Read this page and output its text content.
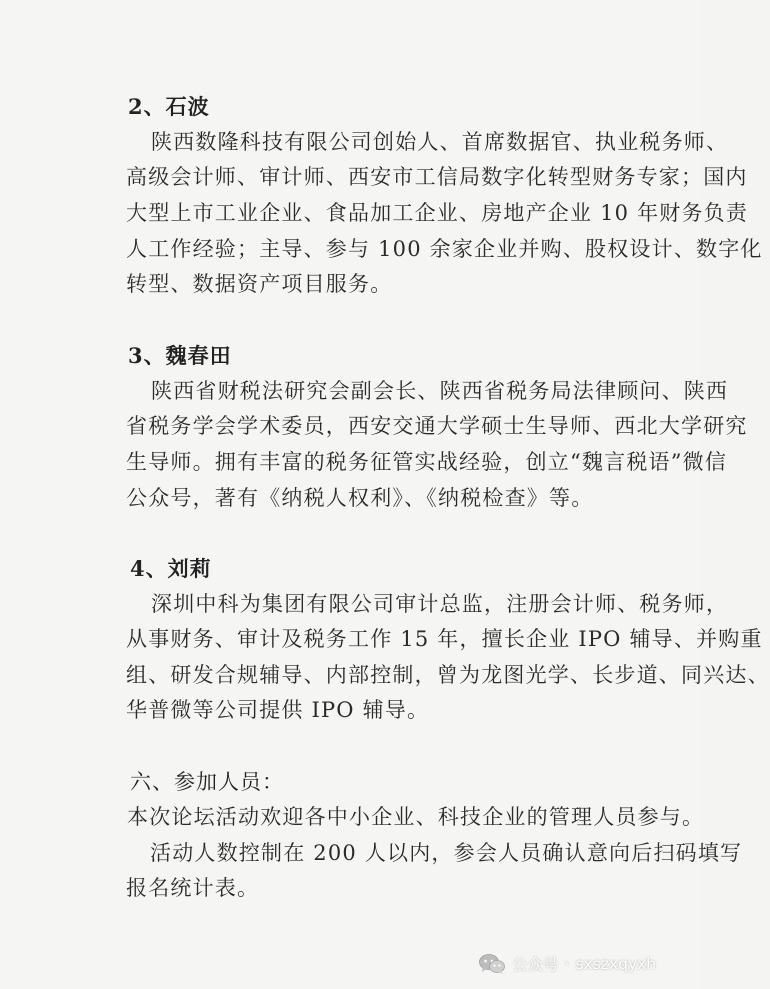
2、石波
陕西数隆科技有限公司创始人、首席数据官、执业税务师、
高级会计师、审计师、西安市工信局数字化转型财务专家；国内
大型上市工业企业、食品加工企业、房地产企业 10 年财务负责
人工作经验；主导、参与 100 余家企业并购、股权设计、数字化
转型、数据资产项目服务。
3、魏春田
陕西省财税法研究会副会长、陕西省税务局法律顾问、陕西
省税务学会学术委员，西安交通大学硕士生导师、西北大学研究
生导师。拥有丰富的税务征管实战经验，创立“魏言税语”微信
公众号，著有《纳税人权利》、《纳税检查》等。
4、刘莉
深圳中科为集团有限公司审计总监，注册会计师、税务师，
从事财务、审计及税务工作 15 年，擅长企业 IPO 辅导、并购重
组、研发合规辅导、内部控制，曾为龙图光学、长步道、同兴达、
华普微等公司提供 IPO 辅导。
六、参加人员：
本次论坛活动欢迎各中小企业、科技企业的管理人员参与。
活动人数控制在 200 人以内，参会人员确认意向后扫码填写
报名统计表。
公众号 · sxszxqyxh
